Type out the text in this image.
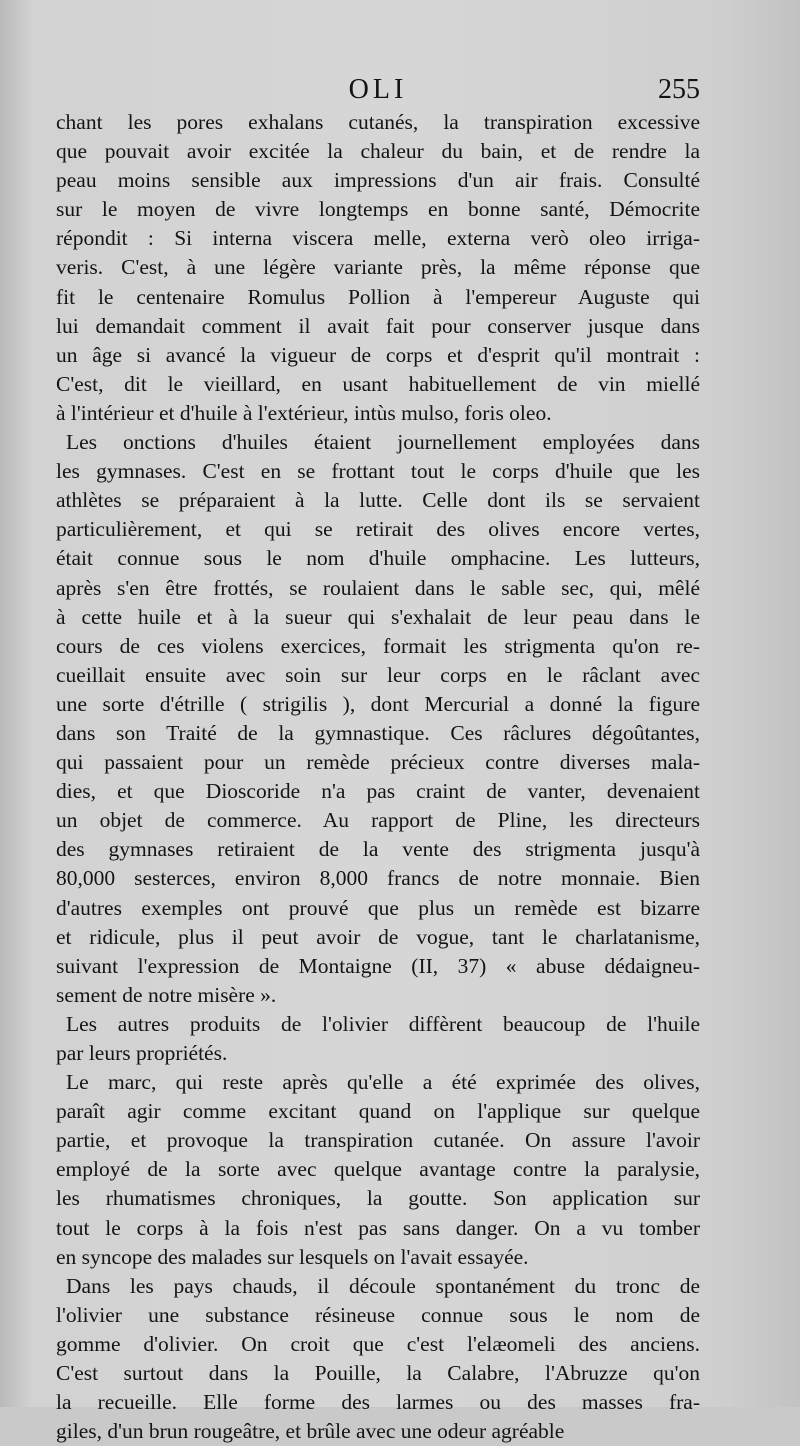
OLI	255

chant les pores exhalans cutanés, la transpiration excessive
que pouvait avoir excitée la chaleur du bain, et de rendre la
peau moins sensible aux impressions d'un air frais. Consulté
sur le moyen de vivre longtemps en bonne santé, Démocrite
répondit : Si interna viscera melle, externa verò oleo irriga-
veris. C'est, à une légère variante près, la même réponse que
fit le centenaire Romulus Pollion à l'empereur Auguste qui
lui demandait comment il avait fait pour conserver jusque dans
un âge si avancé la vigueur de corps et d'esprit qu'il montrait :
C'est, dit le vieillard, en usant habituellement de vin miellé
à l'intérieur et d'huile à l'extérieur, intùs mulso, foris oleo.

Les onctions d'huiles étaient journellement employées dans
les gymnases. C'est en se frottant tout le corps d'huile que les
athlètes se préparaient à la lutte. Celle dont ils se servaient
particulièrement, et qui se retirait des olives encore vertes,
était connue sous le nom d'huile omphacine. Les lutteurs,
après s'en être frottés, se roulaient dans le sable sec, qui, mêlé
à cette huile et à la sueur qui s'exhalait de leur peau dans le
cours de ces violens exercices, formait les strigmenta qu'on re-
cueillait ensuite avec soin sur leur corps en le râclant avec
une sorte d'étrille ( strigilis ), dont Mercurial a donné la figure
dans son Traité de la gymnastique. Ces râclures dégoûtantes,
qui passaient pour un remède précieux contre diverses mala-
dies, et que Dioscoride n'a pas craint de vanter, devenaient
un objet de commerce. Au rapport de Pline, les directeurs
des gymnases retiraient de la vente des strigmenta jusqu'à
80,000 sesterces, environ 8,000 francs de notre monnaie. Bien
d'autres exemples ont prouvé que plus un remède est bizarre
et ridicule, plus il peut avoir de vogue, tant le charlatanisme,
suivant l'expression de Montaigne (II, 37) « abuse dédaigneu-
sement de notre misère ».

Les autres produits de l'olivier diffèrent beaucoup de l'huile
par leurs propriétés.

Le marc, qui reste après qu'elle a été exprimée des olives,
paraît agir comme excitant quand on l'applique sur quelque
partie, et provoque la transpiration cutanée. On assure l'avoir
employé de la sorte avec quelque avantage contre la paralysie,
les rhumatismes chroniques, la goutte. Son application sur
tout le corps à la fois n'est pas sans danger. On a vu tomber
en syncope des malades sur lesquels on l'avait essayée.

Dans les pays chauds, il découle spontanément du tronc de
l'olivier une substance résineuse connue sous le nom de
gomme d'olivier. On croit que c'est l'elæomeli des anciens.
C'est surtout dans la Pouille, la Calabre, l'Abruzze qu'on
la recueille. Elle forme des larmes ou des masses fra-
giles, d'un brun rougeâtre, et brûle avec une odeur agréable
